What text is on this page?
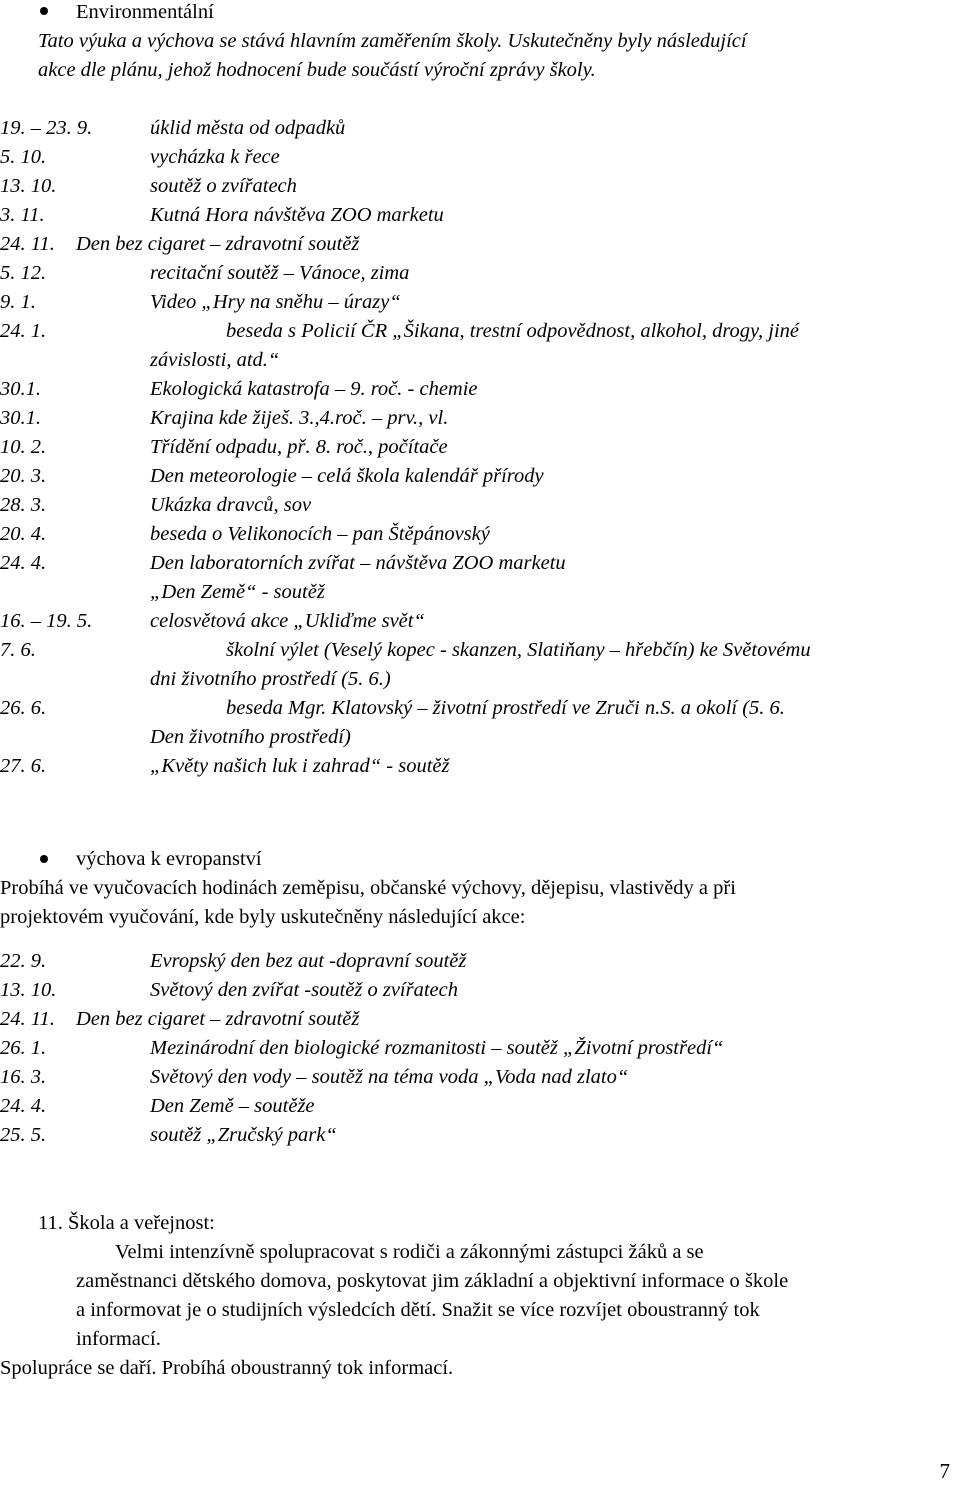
Environmentální
Tato výuka a výchova se stává hlavním zaměřením školy. Uskutečněny byly následující
akce dle plánu, jehož hodnocení bude součástí výroční zprávy školy.
19. – 23. 9.	úklid města od odpadků
5. 10.	vycházka k řece
13. 10.	soutěž o zvířatech
3. 11.	Kutná Hora návštěva ZOO marketu
24. 11. Den bez cigaret – zdravotní soutěž
5. 12.	recitační soutěž – Vánoce, zima
9. 1.	Video „Hry na sněhu – úrazy“
24. 1.	beseda s Policií ČR „Šikana, trestní odpovědnost, alkohol, drogy, jiné
závislosti, atd.“
30.1.	Ekologická katastrofa – 9. roč. - chemie
30.1.	Krajina kde žiješ. 3.,4.roč. – prv., vl.
10. 2.	Třídění odpadu, př. 8. roč., počítače
20. 3.	Den meteorologie – celá škola kalendář přírody
28. 3.	Ukázka dravců, sov
20. 4.	beseda o Velikonocích – pan Štěpánovský
24. 4.	Den laboratorních zvířat – návštěva ZOO marketu
„Den Země“ - soutěž
16. – 19. 5.	celosvětová akce „Ukliďme svět“
7. 6.	školní výlet (Veselý kopec - skanzen, Slatiňany – hřebčín) ke Světovému
dni životního prostředí (5. 6.)
26. 6.	beseda Mgr. Klatovský – životní prostředí ve Zruči n.S. a okolí (5. 6.
Den životního prostředí)
27. 6.	„Květy našich luk i zahrad“ - soutěž
výchova k evropanství
Probíhá ve vyučovacích hodinách zeměpisu, občanské výchovy, dějepisu, vlastivědy a při
projektovém vyučování, kde byly uskutečněny následující akce:
22. 9.	Evropský den bez aut -dopravní soutěž
13. 10.	Světový den zvířat -soutěž o zvířatech
24. 11. Den bez cigaret – zdravotní soutěž
26. 1.	Mezinárodní den biologické rozmanitosti – soutěž „Životní prostředí“
16. 3.	Světový den vody – soutěž na téma voda „Voda nad zlato“
24. 4.	Den Země – soutěže
25. 5.	soutěž „Zručský park“
11. Škola a veřejnost:
Velmi intenzívně spolupracovat s rodiči a zákonnými zástupci žáků a se
zaměstnanci dětského domova, poskytovat jim základní a objektivní informace o škole
a informovat je o studijních výsledcích dětí. Snažit se více rozvíjet oboustranný tok
informací.
Spolupráce se daří. Probíhá oboustranný tok informací.
7
